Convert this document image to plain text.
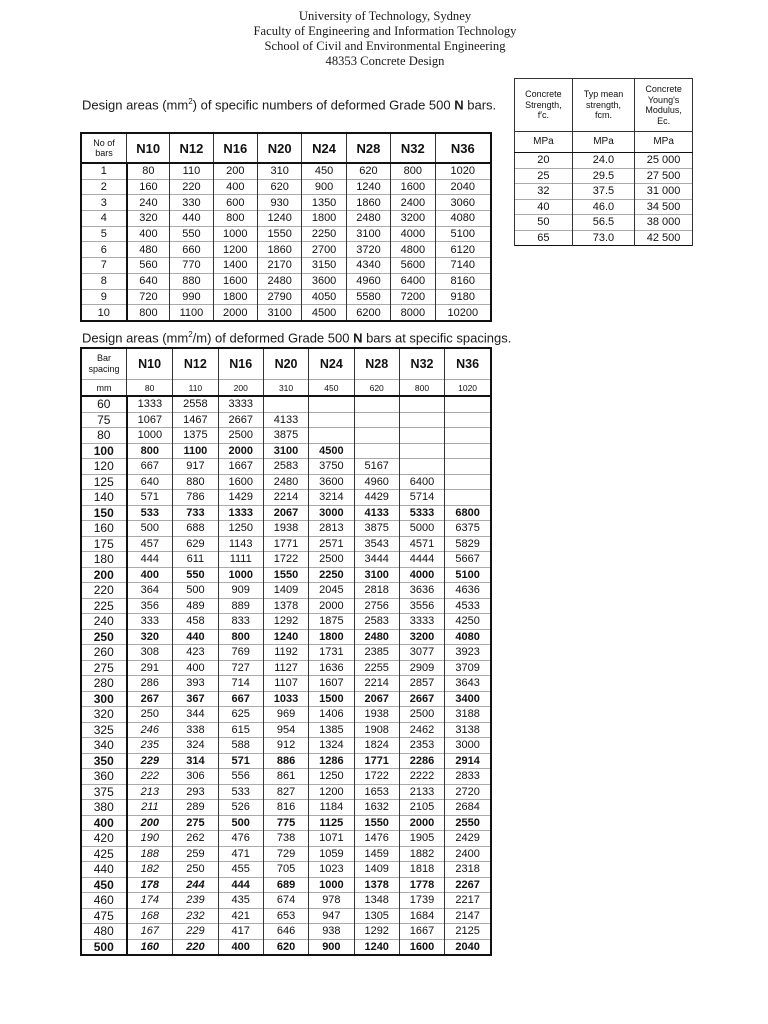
University of Technology, Sydney
Faculty of Engineering and Information Technology
School of Civil and Environmental Engineering
48353 Concrete Design
Design areas $(mm^2)$ of specific numbers of deformed Grade 500 N bars.
No of
bars	N10	N12	N16	N20	N24	N28	N32	N36
1	80	110	200	310	450	620	800	1020
2	160	220	400	620	900	1240	1600	2040
3	240	330	600	930	1350	1860	2400	3060
4	320	440	800	1240	1800	2480	3200	4080
5	400	550	1000	1550	2250	3100	4000	5100
6	480	660	1200	1860	2700	3720	4800	6120
7	560	770	1400	2170	3150	4340	5600	7140
8	640	880	1600	2480	3600	4960	6400	8160
9	720	990	1800	2790	4050	5580	7200	9180
10	800	1100	2000	3100	4500	6200	8000	10200
Concrete
Strength,
f′c.	Typ mean
strength,
fcm.	Concrete
Young's
Modulus,
Ec.
MPa	MPa	MPa
20	24.0	25 000
25	29.5	27 500
32	37.5	31 000
40	46.0	34 500
50	56.5	38 000
65	73.0	42 500
Design areas $(mm^2/m)$ of deformed Grade 500 N bars at specific spacings.
Bar
spacing	N10	N12	N16	N20	N24	N28	N32	N36
mm	80	110	200	310	450	620	800	1020
60	1333	2558	3333					
75	1067	1467	2667	4133				
80	1000	1375	2500	3875				
100	800	1100	2000	3100	4500			
120	667	917	1667	2583	3750	5167		
125	640	880	1600	2480	3600	4960	6400	
140	571	786	1429	2214	3214	4429	5714	
150	533	733	1333	2067	3000	4133	5333	6800
160	500	688	1250	1938	2813	3875	5000	6375
175	457	629	1143	1771	2571	3543	4571	5829
180	444	611	1111	1722	2500	3444	4444	5667
200	400	550	1000	1550	2250	3100	4000	5100
220	364	500	909	1409	2045	2818	3636	4636
225	356	489	889	1378	2000	2756	3556	4533
240	333	458	833	1292	1875	2583	3333	4250
250	320	440	800	1240	1800	2480	3200	4080
260	308	423	769	1192	1731	2385	3077	3923
275	291	400	727	1127	1636	2255	2909	3709
280	286	393	714	1107	1607	2214	2857	3643
300	267	367	667	1033	1500	2067	2667	3400
320	250	344	625	969	1406	1938	2500	3188
325	246	338	615	954	1385	1908	2462	3138
340	235	324	588	912	1324	1824	2353	3000
350	229	314	571	886	1286	1771	2286	2914
360	222	306	556	861	1250	1722	2222	2833
375	213	293	533	827	1200	1653	2133	2720
380	211	289	526	816	1184	1632	2105	2684
400	200	275	500	775	1125	1550	2000	2550
420	190	262	476	738	1071	1476	1905	2429
425	188	259	471	729	1059	1459	1882	2400
440	182	250	455	705	1023	1409	1818	2318
450	178	244	444	689	1000	1378	1778	2267
460	174	239	435	674	978	1348	1739	2217
475	168	232	421	653	947	1305	1684	2147
480	167	229	417	646	938	1292	1667	2125
500	160	220	400	620	900	1240	1600	2040
